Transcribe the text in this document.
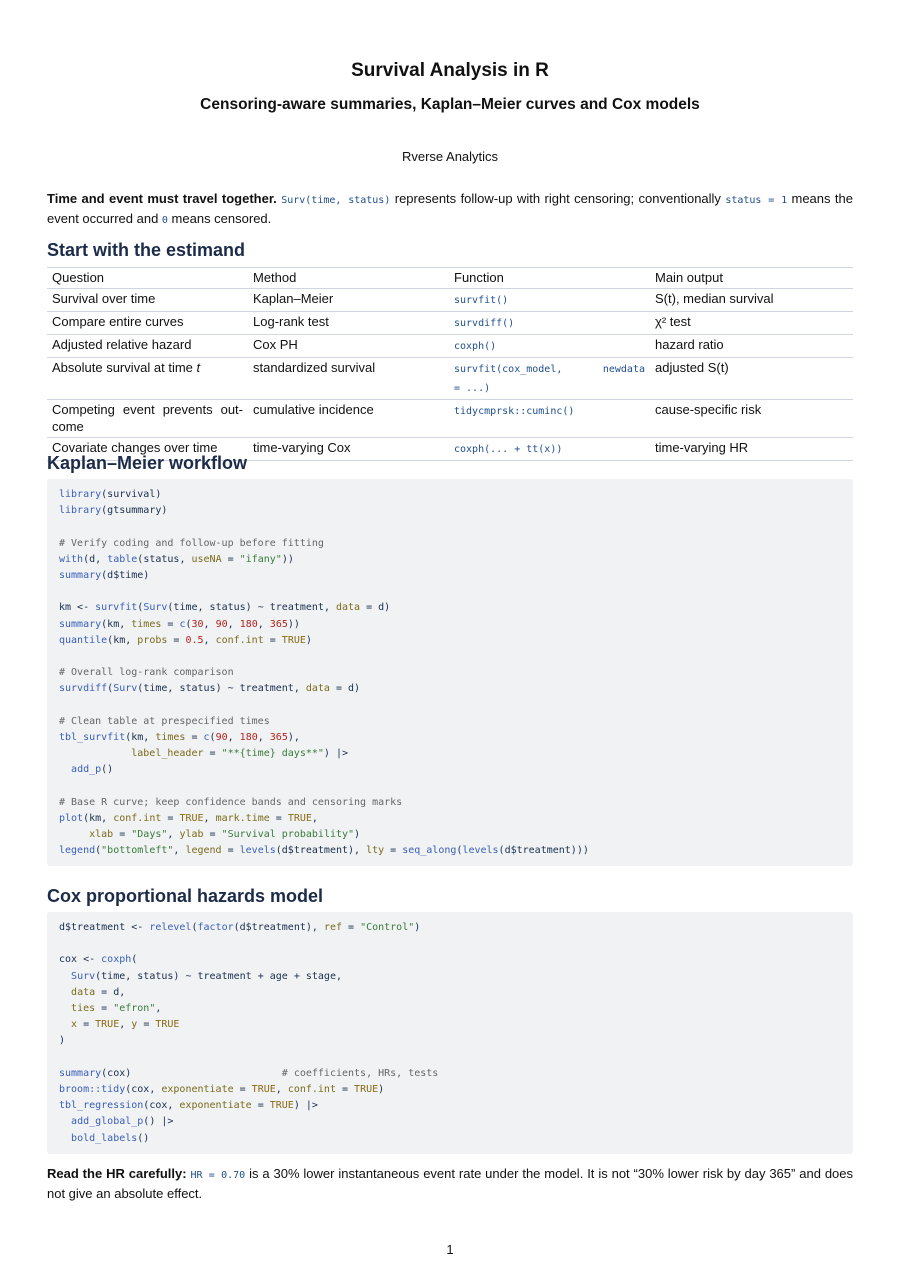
Survival Analysis in R
Censoring-aware summaries, Kaplan–Meier curves and Cox models
Rverse Analytics
Time and event must travel together. Surv(time, status) represents follow-up with right censoring; conventionally status = 1 means the event occurred and 0 means censored.
Start with the estimand
Question	Method	Function	Main output
Survival over time	Kaplan–Meier	survfit()	S(t), median survival
Compare entire curves	Log-rank test	survdiff()	χ² test
Adjusted relative hazard	Cox PH	coxph()	hazard ratio
Absolute survival at time t	standardized survival	survfit(cox_model,      newdata = ...)	adjusted S(t)
Competing event prevents out-come	cumulative incidence	tidycmprsk::cuminc()	cause-specific risk
Covariate changes over time	time-varying Cox	coxph(... + tt(x))	time-varying HR
Kaplan–Meier workflow
library(survival)
library(gtsummary)

# Verify coding and follow-up before fitting
with(d, table(status, useNA = "ifany"))
summary(d$time)

km <- survfit(Surv(time, status) ~ treatment, data = d)
summary(km, times = c(30, 90, 180, 365))
quantile(km, probs = 0.5, conf.int = TRUE)

# Overall log-rank comparison
survdiff(Surv(time, status) ~ treatment, data = d)

# Clean table at prespecified times
tbl_survfit(km, times = c(90, 180, 365),
label_header = "**{time} days**") |>
add_p()

# Base R curve; keep confidence bands and censoring marks
plot(km, conf.int = TRUE, mark.time = TRUE,
xlab = "Days", ylab = "Survival probability")
legend("bottomleft", legend = levels(d$treatment), lty = seq_along(levels(d$treatment)))
Cox proportional hazards model
d$treatment <- relevel(factor(d$treatment), ref = "Control")

cox <- coxph(
Surv(time, status) ~ treatment + age + stage,
data = d,
ties = "efron",
x = TRUE, y = TRUE
)

summary(cox)                         # coefficients, HRs, tests
broom::tidy(cox, exponentiate = TRUE, conf.int = TRUE)
tbl_regression(cox, exponentiate = TRUE) |>
add_global_p() |>
bold_labels()
Read the HR carefully: HR = 0.70 is a 30% lower instantaneous event rate under the model. It is not “30% lower risk by day 365” and does not give an absolute effect.
1
